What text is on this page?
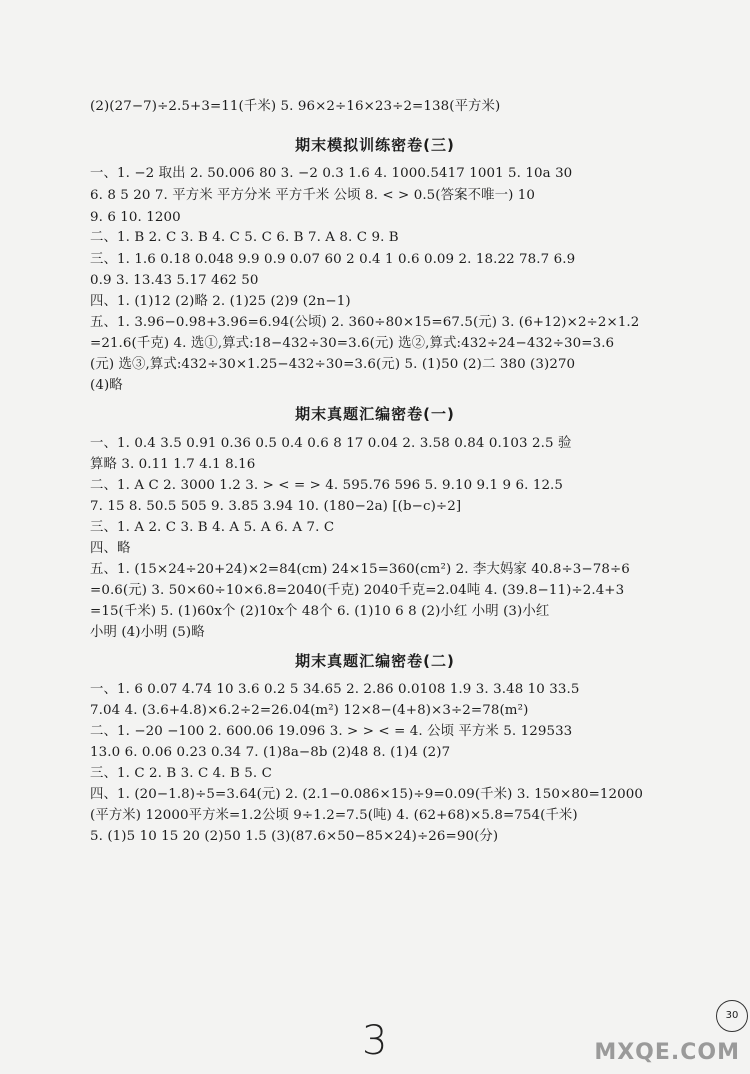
(2)(27−7)÷2.5+3=11(千米) 5. 96×2÷16×23÷2=138(平方米)
期末模拟训练密卷(三)
一、1. −2 取出 2. 50.006 80 3. −2 0.3 1.6 4. 1000.5417 1001 5. 10a 30
6. 8 5 20 7. 平方米 平方分米 平方千米 公顷 8. < > 0.5(答案不唯一) 10
9. 6 10. 1200
二、1. B 2. C 3. B 4. C 5. C 6. B 7. A 8. C 9. B
三、1. 1.6 0.18 0.048 9.9 0.9 0.07 60 2 0.4 1 0.6 0.09 2. 18.22 78.7 6.9
0.9 3. 13.43 5.17 462 50
四、1. (1)12 (2)略 2. (1)25 (2)9 (2n−1)
五、1. 3.96−0.98+3.96=6.94(公顷) 2. 360÷80×15=67.5(元) 3. (6+12)×2÷2×1.2
=21.6(千克) 4. 选①,算式:18−432÷30=3.6(元) 选②,算式:432÷24−432÷30=3.6
(元) 选③,算式:432÷30×1.25−432÷30=3.6(元) 5. (1)50 (2)二 380 (3)270
(4)略
期末真题汇编密卷(一)
一、1. 0.4 3.5 0.91 0.36 0.5 0.4 0.6 8 17 0.04 2. 3.58 0.84 0.103 2.5 验
算略 3. 0.11 1.7 4.1 8.16
二、1. A C 2. 3000 1.2 3. > < = > 4. 595.76 596 5. 9.10 9.1 9 6. 12.5
7. 15 8. 50.5 505 9. 3.85 3.94 10. (180−2a) [(b−c)÷2]
三、1. A 2. C 3. B 4. A 5. A 6. A 7. C
四、略
五、1. (15×24÷20+24)×2=84(cm) 24×15=360(cm²) 2. 李大妈家 40.8÷3−78÷6
=0.6(元) 3. 50×60÷10×6.8=2040(千克) 2040千克=2.04吨 4. (39.8−11)÷2.4+3
=15(千米) 5. (1)60x个 (2)10x个 48个 6. (1)10 6 8 (2)小红 小明 (3)小红
小明 (4)小明 (5)略
期末真题汇编密卷(二)
一、1. 6 0.07 4.74 10 3.6 0.2 5 34.65 2. 2.86 0.0108 1.9 3. 3.48 10 33.5
7.04 4. (3.6+4.8)×6.2÷2=26.04(m²) 12×8−(4+8)×3÷2=78(m²)
二、1. −20 −100 2. 600.06 19.096 3. > > < = 4. 公顷 平方米 5. 129533
13.0 6. 0.06 0.23 0.34 7. (1)8a−8b (2)48 8. (1)4 (2)7
三、1. C 2. B 3. C 4. B 5. C
四、1. (20−1.8)÷5=3.64(元) 2. (2.1−0.086×15)÷9=0.09(千米) 3. 150×80=12000
(平方米) 12000平方米=1.2公顷 9÷1.2=7.5(吨) 4. (62+68)×5.8=754(千米)
5. (1)5 10 15 20 (2)50 1.5 (3)(87.6×50−85×24)÷26=90(分)
MXQE.COM
30
3
